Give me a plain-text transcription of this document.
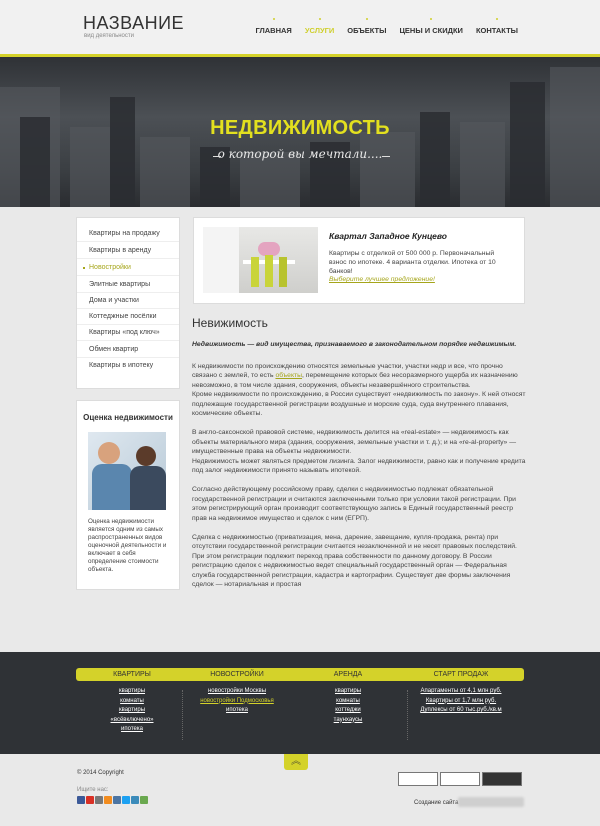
НАЗВАНИЕ
вид деятельности
ГЛАВНАЯ УСЛУГИ ОБЪЕКТЫ ЦЕНЫ И СКИДКИ КОНТАКТЫ
НЕДВИЖИМОСТЬ
о которой вы мечтали....
Квартиры на продажу
Квартиры в аренду
Новостройки
Элитные квартиры
Дома и участки
Коттеджные посёлки
Квартиры «под ключ»
Обмен квартир
Квартиры в ипотеку
Оценка недвижимости
Оценка недвижимости является одним из самых распространенных видов оценочной деятельности и включает в себя определение стоимости объекта.
Квартал Западное Кунцево
Квартиры с отделкой от 500 000 р. Первоначальный взнос по ипотеке. 4 варианта отделки. Ипотека от 10 банков!
Выберите лучшее предложение!
Невижимость
Недвижимость — вид имущества, признаваемого в законодательном порядке недвижимым.
К недвижимости по происхождению относятся земельные участки, участки недр и все, что прочно связано с землей, то есть объекты, перемещение которых без несоразмерного ущерба их назначению невозможно, в том числе здания, сооружения, объекты незавершённого строительства.
Кроме недвижимости по происхождению, в России существует «недвижимость по закону». К ней относят подлежащие государственной регистрации воздушные и морские суда, суда внутреннего плавания, космические объекты.
В англо-саксонской правовой системе, недвижимость делится на «real-estate» — недвижимость как объекты материального мира (здания, сооружения, земельные участки и т. д.); и на «re-al-property» — имущественные права на объекты недвижимости.
Недвижимость может являться предметом лизинга. Залог недвижимости, равно как и получение кредита под залог недвижимости принято называть ипотекой.
Согласно действующему российскому праву, сделки с недвижимостью подлежат обязательной государственной регистрации и считаются заключенными только при условии такой регистрации. При этом регистрирующий орган производит соответствующую запись в Единый государственный реестр прав на недвижимое имущество и сделок с ним (ЕГРП).
Сделка с недвижимостью (приватизация, мена, дарение, завещание, купля-продажа, рента) при отсутствии государственной регистрации считается незаключенной и не несет правовых последствий. При этом регистрации подлежит переход права собственности по данному договору. В России регистрацию сделок с недвижимостью ведет специальный государственный орган — Федеральная служба государственной регистрации, кадастра и картографии. Существует две формы заключения сделок — нотариальная и простая
КВАРТИРЫ
квартиры
комнаты
квартиры
«всёвключено»
ипотека
НОВОСТРОЙКИ
новостройки Москвы
новостройки Подмосковья
ипотека
АРЕНДА
квартиры
комнаты
коттеджи
таунхаусы
СТАРТ ПРОДАЖ
Апартаменты от 4,1 млн руб.
Квартиры от 1,7 млн руб.
Дуплексы от 60 тыс.руб./кв.м
︽
© 2014 Copyright
Ищите нас:
Создание сайта
